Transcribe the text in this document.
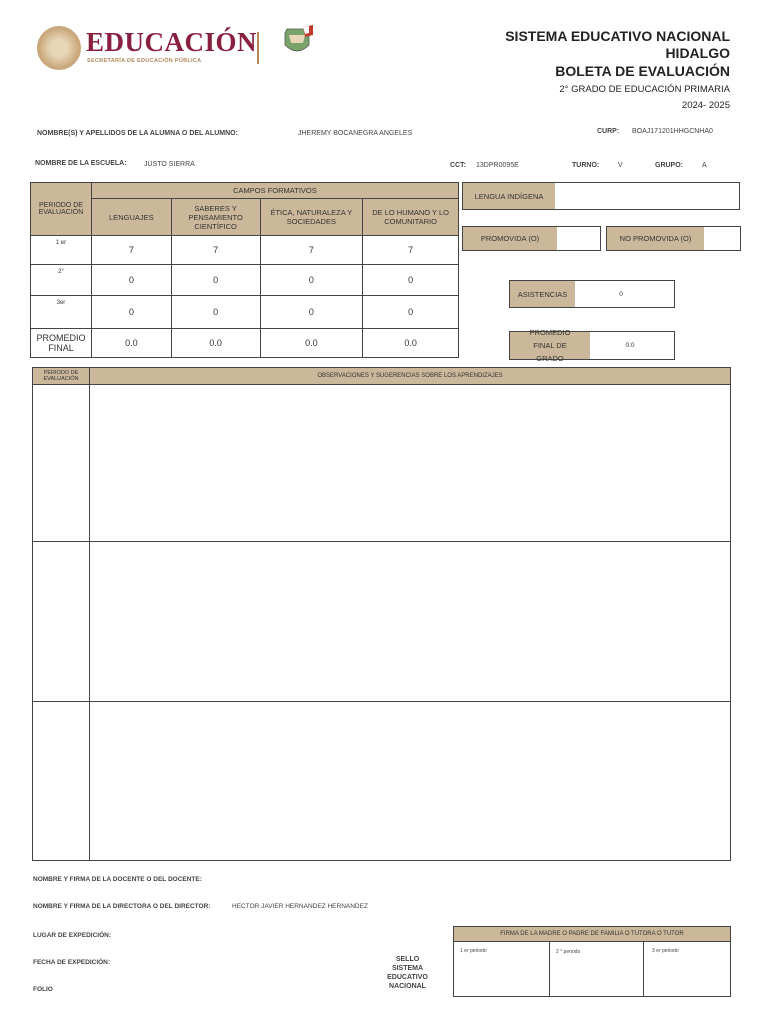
EDUCACIÓN
SECRETARÍA DE EDUCACIÓN PÚBLICA
SISTEMA EDUCATIVO NACIONAL
HIDALGO
BOLETA DE EVALUACIÓN
2° GRADO DE EDUCACIÓN PRIMARIA
2024- 2025
NOMBRE(S) Y APELLIDOS DE LA ALUMNA O DEL ALUMNO:	JHEREMY BOCANEGRA ANGELES	CURP: BOAJ171201HHGCNHA0
NOMBRE DE LA ESCUELA: JUSTO SIERRA	CCT: 13DPR0095E	TURNO:	V	GRUPO:	A
PERIODO DE EVALUACIÓN	CAMPOS FORMATIVOS			
	LENGUAJES	SABERES Y PENSAMIENTO CIENTÍFICO	ÉTICA, NATURALEZA Y SOCIEDADES	DE LO HUMANO Y LO COMUNITARIO
1 er	7	7	7	7
2°	0	0	0	0
3er	0	0	0	0
PROMEDIO FINAL	0.0	0.0	0.0	0.0
LENGUA INDÍGENA
PROMOVIDA (O)	NO PROMOVIDA (O)
ASISTENCIAS	0
PROMEDIO FINAL DE GRADO
0.0
PERIODO DE EVALUACIÓN	OBSERVACIONES Y SUGERENCIAS SOBRE LOS APRENDIZAJES
NOMBRE Y FIRMA DE LA DOCENTE O DEL DOCENTE:
NOMBRE Y FIRMA DE LA DIRECTORA O DEL DIRECTOR:	HECTOR JAVIER HERNANDEZ HERNANDEZ
LUGAR DE EXPEDICIÓN:
FECHA DE EXPEDICIÓN:
FOLIO
SELLO SISTEMA EDUCATIVO NACIONAL
FIRMA DE LA MADRE O PADRE DE FAMILIA O TUTORA O TUTOR
1 er periodo	2 ° periodo	3 er periodo
